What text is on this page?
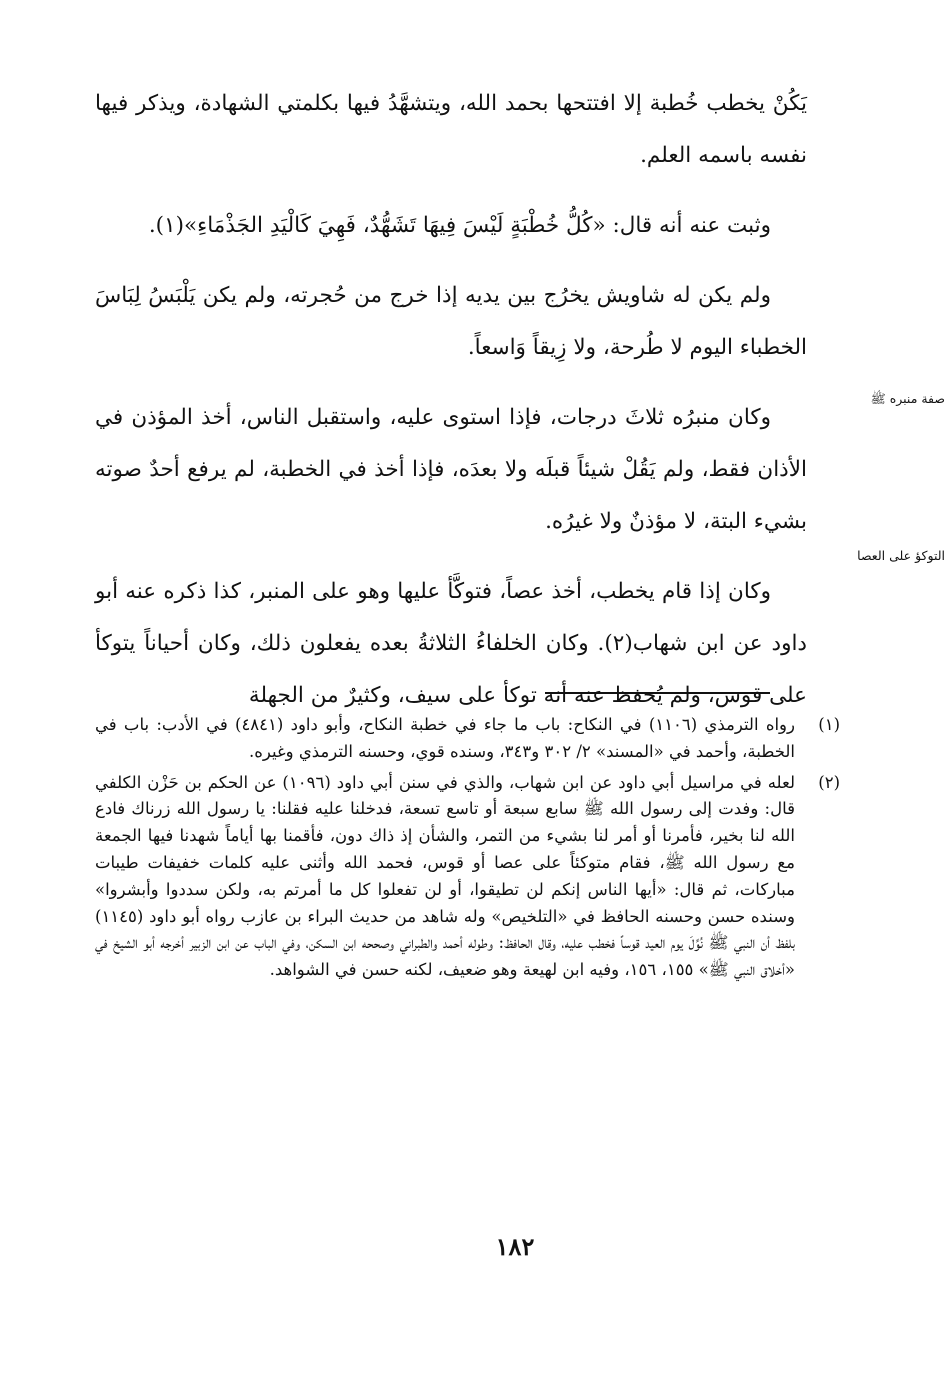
يَكُنْ يخطب خُطبة إلا افتتحها بحمد الله، ويتشهَّدُ فيها بكلمتي الشهادة، ويذكر فيها نفسه باسمه العلم.

وثبت عنه أنه قال: «كُلُّ خُطْبَةٍ لَيْسَ فِيهَا تَشَهُّدٌ، فَهِيَ كَالْيَدِ الجَذْمَاءِ»(١).

ولم يكن له شاويش يخرُج بين يديه إذا خرج من حُجرته، ولم يكن يَلْبَسُ لِبَاسَ الخطباء اليوم لا طُرحة، ولا زِيقاً وَاسعاً.

وكان منبرُه ثلاثَ درجات، فإذا استوى عليه، واستقبل الناس، أخذ المؤذن في الأذان فقط، ولم يَقُلْ شيئاً قبلَه ولا بعدَه، فإذا أخذ في الخطبة، لم يرفع أحدٌ صوته بشيء البتة، لا مؤذنٌ ولا غيرُه.

وكان إذا قام يخطب، أخذ عصاً، فتوكَّأ عليها وهو على المنبر، كذا ذكره عنه أبو داود عن ابن شهاب(٢). وكان الخلفاءُ الثلاثةُ بعده يفعلون ذلك، وكان أحياناً يتوكأ على قوس، ولم يُحفظ عنه أنه توكأ على سيف، وكثيرٌ من الجهلة

صفة منبره ﷺ
التوكؤ على العصا
(١)
رواه الترمذي (١١٠٦) في النكاح: باب ما جاء في خطبة النكاح، وأبو داود (٤٨٤١) في الأدب: باب في الخطبة، وأحمد في «المسند» ٢/ ٣٠٢ و٣٤٣، وسنده قوي، وحسنه الترمذي وغيره.
(٢)
لعله في مراسيل أبي داود عن ابن شهاب، والذي في سنن أبي داود (١٠٩٦) عن الحكم بن حَزْن الكلفي قال: وفدت إلى رسول الله ﷺ سابع سبعة أو تاسع تسعة، فدخلنا عليه فقلنا: يا رسول الله زرناك فادع الله لنا بخير، فأمرنا أو أمر لنا بشيء من التمر، والشأن إذ ذاك دون، فأقمنا بها أياماً شهدنا فيها الجمعة مع رسول الله ﷺ، فقام متوكئاً على عصا أو قوس، فحمد الله وأثنى عليه كلمات خفيفات طيبات مباركات، ثم قال: «أيها الناس إنكم لن تطيقوا، أو لن تفعلوا كل ما أمرتم به، ولكن سددوا وأبشروا» وسنده حسن وحسنه الحافظ في «التلخيص» وله شاهد من حديث البراء بن عازب رواه أبو داود (١١٤٥) بلفظ أن النبي ﷺ نُوِّلَ يوم العيد قوساً فخطب عليه، وقال الحافظ: وطوله أحمد والطبراني وصححه ابن السكن، وفي الباب عن ابن الزبير أخرجه أبو الشيخ في «أخلاق النبي ﷺ» ١٥٥، ١٥٦، وفيه ابن لهيعة وهو ضعيف، لكنه حسن في الشواهد.
١٨٢
